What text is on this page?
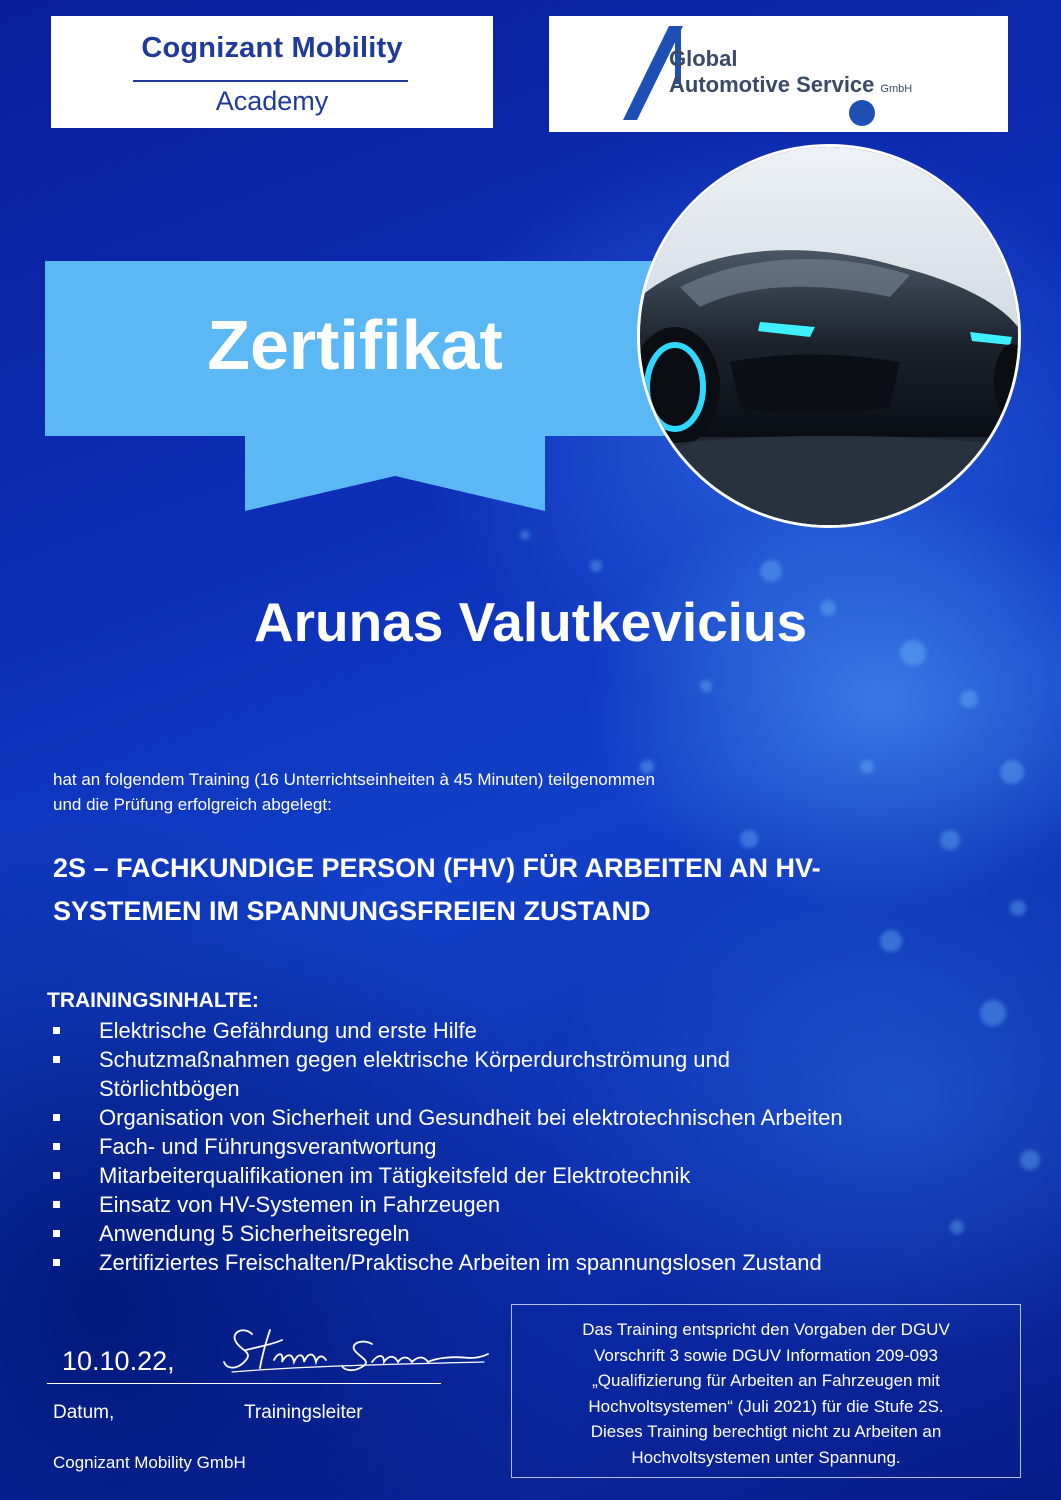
Cognizant Mobility
Academy
Global
Automotive Service GmbH
Zertifikat
Arunas Valutkevicius
hat an folgendem Training (16 Unterrichtseinheiten à 45 Minuten) teilgenommen
und die Prüfung erfolgreich abgelegt:
2S – FACHKUNDIGE PERSON (FHV) FÜR ARBEITEN AN HV-
SYSTEMEN IM SPANNUNGSFREIEN ZUSTAND
TRAININGSINHALTE:
Elektrische Gefährdung und erste Hilfe
Schutzmaßnahmen gegen elektrische Körperdurchströmung und Störlichtbögen
Organisation von Sicherheit und Gesundheit bei elektrotechnischen Arbeiten
Fach- und Führungsverantwortung
Mitarbeiterqualifikationen im Tätigkeitsfeld der Elektrotechnik
Einsatz von HV-Systemen in Fahrzeugen
Anwendung 5 Sicherheitsregeln
Zertifiziertes Freischalten/Praktische Arbeiten im spannungslosen Zustand
10.10.22,
Datum,	Trainingsleiter
Cognizant Mobility GmbH
Das Training entspricht den Vorgaben der DGUV
Vorschrift 3 sowie DGUV Information 209-093
„Qualifizierung für Arbeiten an Fahrzeugen mit
Hochvoltsystemen“ (Juli 2021) für die Stufe 2S.
Dieses Training berechtigt nicht zu Arbeiten an
Hochvoltsystemen unter Spannung.
